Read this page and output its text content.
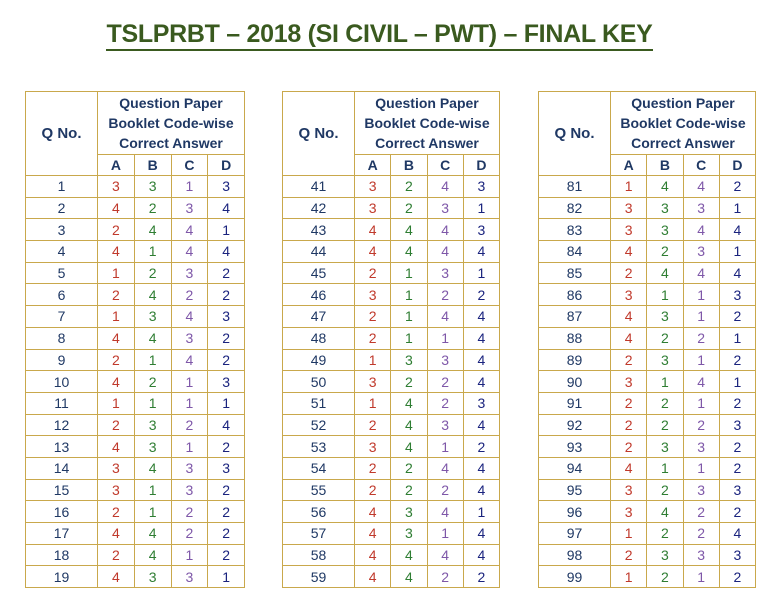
TSLPRBT – 2018 (SI CIVIL – PWT) – FINAL KEY
Q No.	Question Paper Booklet Code-wise Correct Answer			
	A	B	C	D
1	3	3	1	3
2	4	2	3	4
3	2	4	4	1
4	4	1	4	4
5	1	2	3	2
6	2	4	2	2
7	1	3	4	3
8	4	4	3	2
9	2	1	4	2
10	4	2	1	3
11	1	1	1	1
12	2	3	2	4
13	4	3	1	2
14	3	4	3	3
15	3	1	3	2
16	2	1	2	2
17	4	4	2	2
18	2	4	1	2
19	4	3	3	1
Q No.	Question Paper Booklet Code-wise Correct Answer			
	A	B	C	D
41	3	2	4	3
42	3	2	3	1
43	4	4	4	3
44	4	4	4	4
45	2	1	3	1
46	3	1	2	2
47	2	1	4	4
48	2	1	1	4
49	1	3	3	4
50	3	2	2	4
51	1	4	2	3
52	2	4	3	4
53	3	4	1	2
54	2	2	4	4
55	2	2	2	4
56	4	3	4	1
57	4	3	1	4
58	4	4	4	4
59	4	4	2	2
Q No.	Question Paper Booklet Code-wise Correct Answer			
	A	B	C	D
81	1	4	4	2
82	3	3	3	1
83	3	3	4	4
84	4	2	3	1
85	2	4	4	4
86	3	1	1	3
87	4	3	1	2
88	4	2	2	1
89	2	3	1	2
90	3	1	4	1
91	2	2	1	2
92	2	2	2	3
93	2	3	3	2
94	4	1	1	2
95	3	2	3	3
96	3	4	2	2
97	1	2	2	4
98	2	3	3	3
99	1	2	1	2
